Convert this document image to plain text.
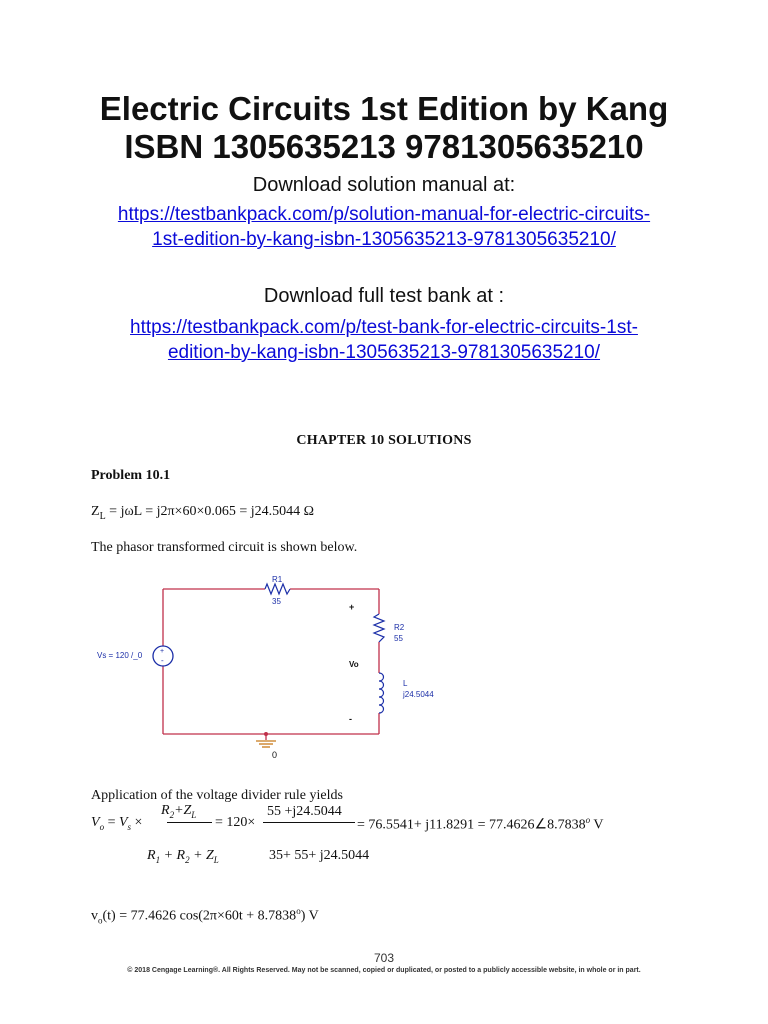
Electric Circuits 1st Edition by Kang
ISBN 1305635213 9781305635210
Download solution manual at:
https://testbankpack.com/p/solution-manual-for-electric-circuits-
1st-edition-by-kang-isbn-1305635213-9781305635210/
Download full test bank at :
https://testbankpack.com/p/test-bank-for-electric-circuits-1st-
edition-by-kang-isbn-1305635213-9781305635210/
CHAPTER 10 SOLUTIONS
Problem 10.1
$Z_L = j\omega L = j2\pi\times 60\times 0.065 = j24.5044$ Ω
The phasor transformed circuit is shown below.
R1
35
R2
55
L
j24.5044
+
-
Vs = 120 /_0
+
Vo
-
0
Application of the voltage divider rule yields
$R_2+Z_L$
$V_o = V_s$ ×	= 120×
55 +j24.5044
= $76.5541+ j11.8291 = 77.4626\angle 8.7838^o$ V
$R_1 + R_2 + Z_L$	35+ 55+ j24.5044
$v_o(t) = 77.4626$ $\cos(2\pi\times 60t + 8.7838^o)$ V
703
© 2018 Cengage Learning®. All Rights Reserved. May not be scanned, copied or duplicated, or posted to a publicly accessible website, in whole or in part.
